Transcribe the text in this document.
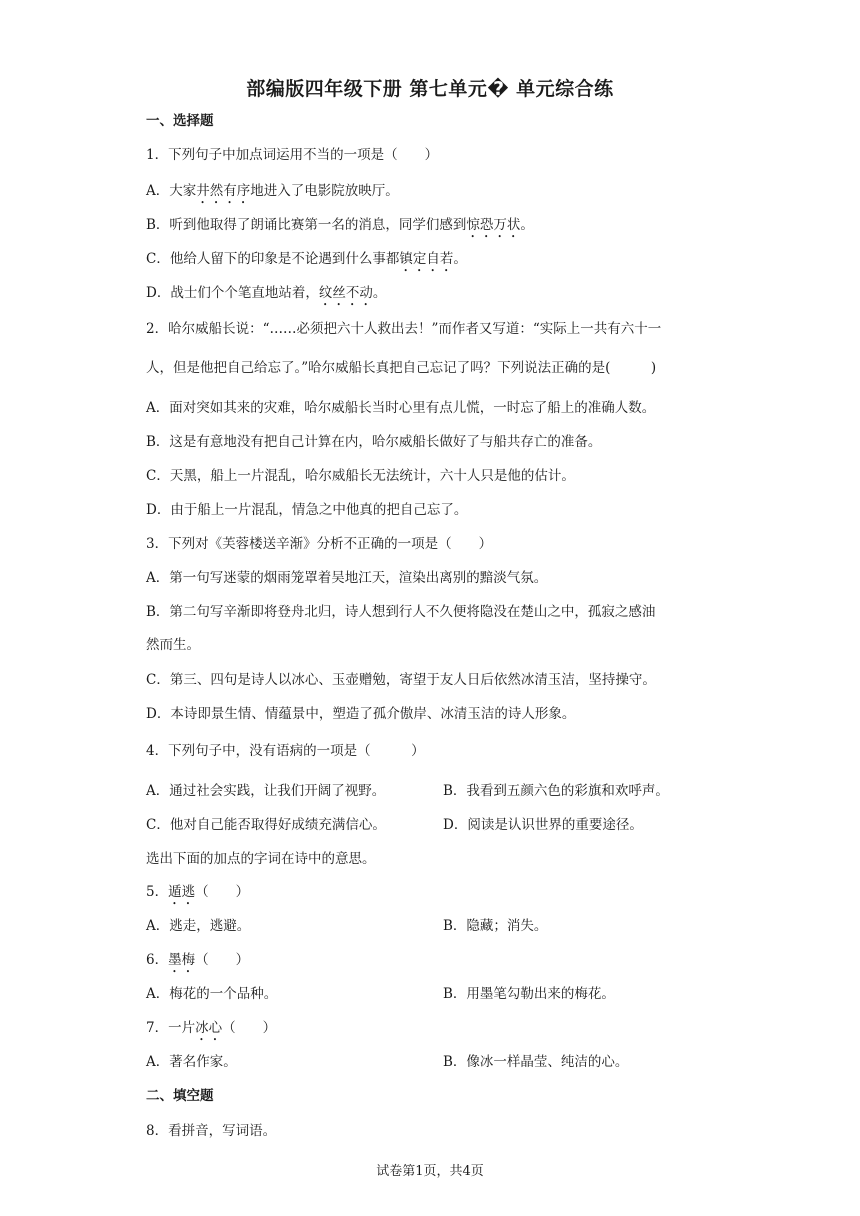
部编版四年级下册 第七单元� 单元综合练
一、选择题
1．下列句子中加点词运用不当的一项是（　　）
A．大家井然有序地进入了电影院放映厅。
B．听到他取得了朗诵比赛第一名的消息，同学们感到惊恐万状。
C．他给人留下的印象是不论遇到什么事都镇定自若。
D．战士们个个笔直地站着，纹丝不动。
2．哈尔威船长说：“……必须把六十人救出去！”而作者又写道：“实际上一共有六十一
人，但是他把自己给忘了。”哈尔威船长真把自己忘记了吗？下列说法正确的是(　　　)
A．面对突如其来的灾难，哈尔威船长当时心里有点儿慌，一时忘了船上的准确人数。
B．这是有意地没有把自己计算在内，哈尔威船长做好了与船共存亡的准备。
C．天黑，船上一片混乱，哈尔威船长无法统计，六十人只是他的估计。
D．由于船上一片混乱，情急之中他真的把自己忘了。
3．下列对《芙蓉楼送辛渐》分析不正确的一项是（　　）
A．第一句写迷蒙的烟雨笼罩着吴地江天，渲染出离别的黯淡气氛。
B．第二句写辛渐即将登舟北归，诗人想到行人不久便将隐没在楚山之中，孤寂之感油
然而生。
C．第三、四句是诗人以冰心、玉壶赠勉，寄望于友人日后依然冰清玉洁，坚持操守。
D．本诗即景生情、情蕴景中，塑造了孤介傲岸、冰清玉洁的诗人形象。
4．下列句子中，没有语病的一项是（　　　）
A．通过社会实践，让我们开阔了视野。	B．我看到五颜六色的彩旗和欢呼声。
C．他对自己能否取得好成绩充满信心。	D．阅读是认识世界的重要途径。
选出下面的加点的字词在诗中的意思。
5．遁逃（　　）
A．逃走，逃避。	B．隐藏；消失。
6．墨梅（　　）
A．梅花的一个品种。	B．用墨笔勾勒出来的梅花。
7．一片冰心（　　）
A．著名作家。	B．像冰一样晶莹、纯洁的心。
二、填空题
8．看拼音，写词语。
试卷第1页，共4页
